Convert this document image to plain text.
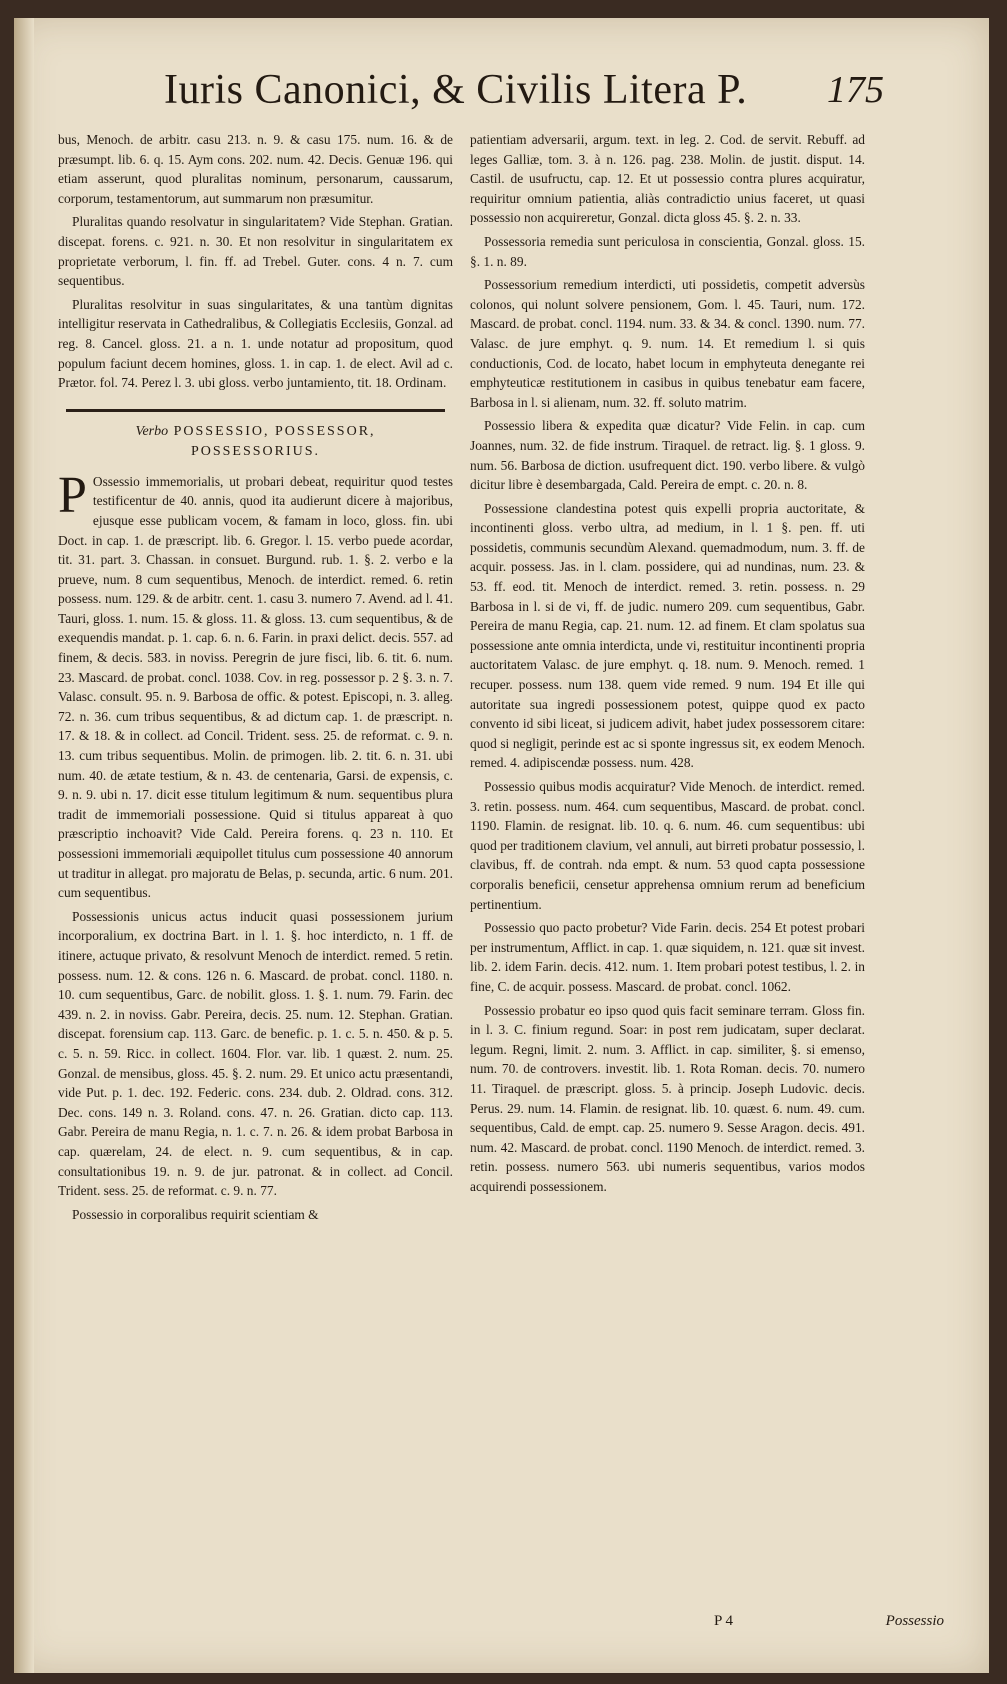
Iuris Canonici, & Civilis Litera P. 175

bus, Menoch. de arbitr. casu 213. n. 9. & casu 175. num. 16. & de præsumpt. lib. 6. q. 15. Aym cons. 202. num. 42. Decis. Genuæ 196. qui etiam asserunt, quod pluralitas nominum, personarum, caussarum, corporum, testamentorum, aut summarum non præsumitur.

Pluralitas quando resolvatur in singularitatem? Vide Stephan. Gratian. discepat. forens. c. 921. n. 30. Et non resolvitur in singularitatem ex proprietate verborum, l. fin. ff. ad Trebel. Guter. cons. 4 n. 7. cum sequentibus.

Pluralitas resolvitur in suas singularitates, & una tantùm dignitas intelligitur reservata in Cathedralibus, & Collegiatis Ecclesiis, Gonzal. ad reg. 8. Cancel. gloss. 21. a n. 1. unde notatur ad propositum, quod populum faciunt decem homines, gloss. 1. in cap. 1. de elect. Avil ad c. Prætor. fol. 74. Perez l. 3. ubi gloss. verbo juntamiento, tit. 18. Ordinam.

Verbo POSSESSIO, POSSESSOR,
POSSESSORIUS.

P Ossessio immemorialis, ut probari debeat, requiritur quod testes testificentur de 40. annis, quod ita audierunt dicere à majoribus, ejusque esse publicam vocem, & famam in loco, gloss. fin. ubi Doct. in cap. 1. de præscript. lib. 6. Gregor. l. 15. verbo puede acordar, tit. 31. part. 3. Chassan. in consuet. Burgund. rub. 1. §. 2. verbo e la prueve, num. 8 cum sequentibus, Menoch. de interdict. remed. 6. retin possess. num. 129. & de arbitr. cent. 1. casu 3. numero 7. Avend. ad l. 41. Tauri, gloss. 1. num. 15. & gloss. 11. & gloss. 13. cum sequentibus, & de exequendis mandat. p. 1. cap. 6. n. 6. Farin. in praxi delict. decis. 557. ad finem, & decis. 583. in noviss. Peregrin de jure fisci, lib. 6. tit. 6. num. 23. Mascard. de probat. concl. 1038. Cov. in reg. possessor p. 2 §. 3. n. 7. Valasc. consult. 95. n. 9. Barbosa de offic. & potest. Episcopi, n. 3. alleg. 72. n. 36. cum tribus sequentibus, & ad dictum cap. 1. de præscript. n. 17. & 18. & in collect. ad Concil. Trident. sess. 25. de reformat. c. 9. n. 13. cum tribus sequentibus. Molin. de primogen. lib. 2. tit. 6. n. 31. ubi num. 40. de ætate testium, & n. 43. de centenaria, Garsi. de expensis, c. 9. n. 9. ubi n. 17. dicit esse titulum legitimum & num. sequentibus plura tradit de immemoriali possessione. Quid si titulus appareat à quo præscriptio inchoavit? Vide Cald. Pereira forens. q. 23 n. 110. Et possessioni immemoriali æquipollet titulus cum possessione 40 annorum ut traditur in allegat. pro majoratu de Belas, p. secunda, artic. 6 num. 201. cum sequentibus.

Possessionis unicus actus inducit quasi possessionem jurium incorporalium, ex doctrina Bart. in l. 1. §. hoc interdicto, n. 1 ff. de itinere, actuque privato, & resolvunt Menoch de interdict. remed. 5 retin. possess. num. 12. & cons. 126 n. 6. Mascard. de probat. concl. 1180. n. 10. cum sequentibus, Garc. de nobilit. gloss. 1. §. 1. num. 79. Farin. dec 439. n. 2. in noviss. Gabr. Pereira, decis. 25. num. 12. Stephan. Gratian. discepat. forensium cap. 113. Garc. de benefic. p. 1. c. 5. n. 450. & p. 5. c. 5. n. 59. Ricc. in collect. 1604. Flor. var. lib. 1 quæst. 2. num. 25. Gonzal. de mensibus, gloss. 45. §. 2. num. 29. Et unico actu præsentandi, vide Put. p. 1. dec. 192. Federic. cons. 234. dub. 2. Oldrad. cons. 312. Dec. cons. 149 n. 3. Roland. cons. 47. n. 26. Gratian. dicto cap. 113. Gabr. Pereira de manu Regia, n. 1. c. 7. n. 26. & idem probat Barbosa in cap. quærelam, 24. de elect. n. 9. cum sequentibus, & in cap. consultationibus 19. n. 9. de jur. patronat. & in collect. ad Concil. Trident. sess. 25. de reformat. c. 9. n. 77.

Possessio in corporalibus requirit scientiam &

patientiam adversarii, argum. text. in leg. 2. Cod. de servit. Rebuff. ad leges Galliæ, tom. 3. à n. 126. pag. 238. Molin. de justit. disput. 14. Castil. de usufructu, cap. 12. Et ut possessio contra plures acquiratur, requiritur omnium patientia, aliàs contradictio unius faceret, ut quasi possessio non acquireretur, Gonzal. dicta gloss 45. §. 2. n. 33.

Possessoria remedia sunt periculosa in conscientia, Gonzal. gloss. 15. §. 1. n. 89.

Possessorium remedium interdicti, uti possidetis, competit adversùs colonos, qui nolunt solvere pensionem, Gom. l. 45. Tauri, num. 172. Mascard. de probat. concl. 1194. num. 33. & 34. & concl. 1390. num. 77. Valasc. de jure emphyt. q. 9. num. 14. Et remedium l. si quis conductionis, Cod. de locato, habet locum in emphyteuta denegante rei emphyteuticæ restitutionem in casibus in quibus tenebatur eam facere, Barbosa in l. si alienam, num. 32. ff. soluto matrim.

Possessio libera & expedita quæ dicatur? Vide Felin. in cap. cum Joannes, num. 32. de fide instrum. Tiraquel. de retract. lig. §. 1 gloss. 9. num. 56. Barbosa de diction. usufrequent dict. 190. verbo libere. & vulgò dicitur libre è desembargada, Cald. Pereira de empt. c. 20. n. 8.

Possessione clandestina potest quis expelli propria auctoritate, & incontinenti gloss. verbo ultra, ad medium, in l. 1 §. pen. ff. uti possidetis, communis secundùm Alexand. quemadmodum, num. 3. ff. de acquir. possess. Jas. in l. clam. possidere, qui ad nundinas, num. 23. & 53. ff. eod. tit. Menoch de interdict. remed. 3. retin. possess. n. 29 Barbosa in l. si de vi, ff. de judic. numero 209. cum sequentibus, Gabr. Pereira de manu Regia, cap. 21. num. 12. ad finem. Et clam spolatus sua possessione ante omnia interdicta, unde vi, restituitur incontinenti propria auctoritatem Valasc. de jure emphyt. q. 18. num. 9. Menoch. remed. 1 recuper. possess. num 138. quem vide remed. 9 num. 194 Et ille qui autoritate sua ingredi possessionem potest, quippe quod ex pacto convento id sibi liceat, si judicem adivit, habet judex possessorem citare: quod si negligit, perinde est ac si sponte ingressus sit, ex eodem Menoch. remed. 4. adipiscendæ possess. num. 428.

Possessio quibus modis acquiratur? Vide Menoch. de interdict. remed. 3. retin. possess. num. 464. cum sequentibus, Mascard. de probat. concl. 1190. Flamin. de resignat. lib. 10. q. 6. num. 46. cum sequentibus: ubi quod per traditionem clavium, vel annuli, aut birreti probatur possessio, l. clavibus, ff. de contrah. nda empt. & num. 53 quod capta possessione corporalis beneficii, censetur apprehensa omnium rerum ad beneficium pertinentium.

Possessio quo pacto probetur? Vide Farin. decis. 254 Et potest probari per instrumentum, Afflict. in cap. 1. quæ siquidem, n. 121. quæ sit invest. lib. 2. idem Farin. decis. 412. num. 1. Item probari potest testibus, l. 2. in fine, C. de acquir. possess. Mascard. de probat. concl. 1062.

Possessio probatur eo ipso quod quis facit seminare terram. Gloss fin. in l. 3. C. finium regund. Soar: in post rem judicatam, super declarat. legum. Regni, limit. 2. num. 3. Afflict. in cap. similiter, §. si emenso, num. 70. de controvers. investit. lib. 1. Rota Roman. decis. 70. numero 11. Tiraquel. de præscript. gloss. 5. à princip. Joseph Ludovic. decis. Perus. 29. num. 14. Flamin. de resignat. lib. 10. quæst. 6. num. 49. cum. sequentibus, Cald. de empt. cap. 25. numero 9. Sesse Aragon. decis. 491. num. 42. Mascard. de probat. concl. 1190 Menoch. de interdict. remed. 3. retin. possess. numero 563. ubi numeris sequentibus, varios modos acquirendi possessionem.

P 4	Possessio
